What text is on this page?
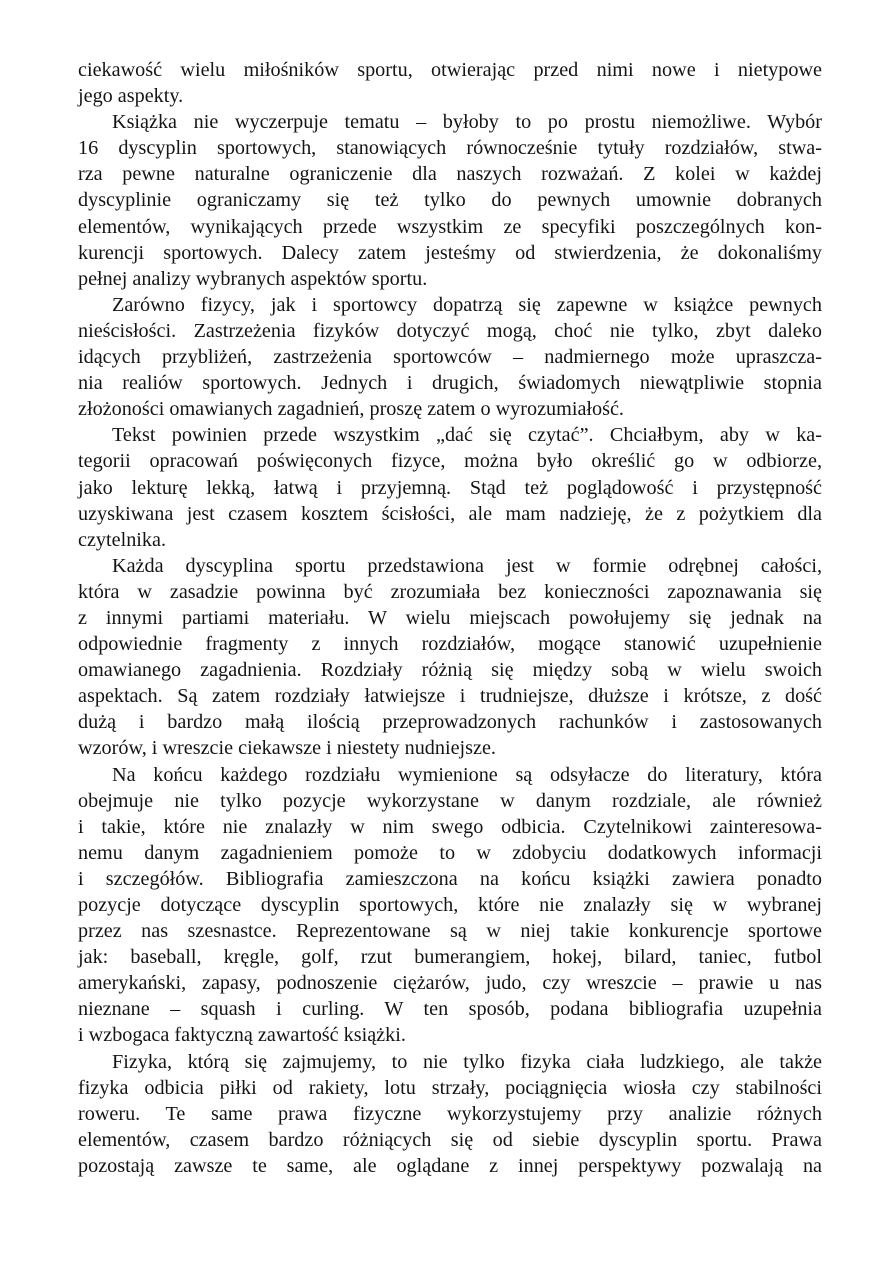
ciekawość wielu miłośników sportu, otwierając przed nimi nowe i nietypowe
jego aspekty.
Książka nie wyczerpuje tematu – byłoby to po prostu niemożliwe. Wybór
16 dyscyplin sportowych, stanowiących równocześnie tytuły rozdziałów, stwa-
rza pewne naturalne ograniczenie dla naszych rozważań. Z kolei w każdej
dyscyplinie ograniczamy się też tylko do pewnych umownie dobranych
elementów, wynikających przede wszystkim ze specyfiki poszczególnych kon-
kurencji sportowych. Dalecy zatem jesteśmy od stwierdzenia, że dokonaliśmy
pełnej analizy wybranych aspektów sportu.
Zarówno fizycy, jak i sportowcy dopatrzą się zapewne w książce pewnych
nieścisłości. Zastrzeżenia fizyków dotyczyć mogą, choć nie tylko, zbyt daleko
idących przybliżeń, zastrzeżenia sportowców – nadmiernego może upraszcza-
nia realiów sportowych. Jednych i drugich, świadomych niewątpliwie stopnia
złożoności omawianych zagadnień, proszę zatem o wyrozumiałość.
Tekst powinien przede wszystkim „dać się czytać”. Chciałbym, aby w ka-
tegorii opracowań poświęconych fizyce, można było określić go w odbiorze,
jako lekturę lekką, łatwą i przyjemną. Stąd też poglądowość i przystępność
uzyskiwana jest czasem kosztem ścisłości, ale mam nadzieję, że z pożytkiem dla
czytelnika.
Każda dyscyplina sportu przedstawiona jest w formie odrębnej całości,
która w zasadzie powinna być zrozumiała bez konieczności zapoznawania się
z innymi partiami materiału. W wielu miejscach powołujemy się jednak na
odpowiednie fragmenty z innych rozdziałów, mogące stanowić uzupełnienie
omawianego zagadnienia. Rozdziały różnią się między sobą w wielu swoich
aspektach. Są zatem rozdziały łatwiejsze i trudniejsze, dłuższe i krótsze, z dość
dużą i bardzo małą ilością przeprowadzonych rachunków i zastosowanych
wzorów, i wreszcie ciekawsze i niestety nudniejsze.
Na końcu każdego rozdziału wymienione są odsyłacze do literatury, która
obejmuje nie tylko pozycje wykorzystane w danym rozdziale, ale również
i takie, które nie znalazły w nim swego odbicia. Czytelnikowi zainteresowa-
nemu danym zagadnieniem pomoże to w zdobyciu dodatkowych informacji
i szczegółów. Bibliografia zamieszczona na końcu książki zawiera ponadto
pozycje dotyczące dyscyplin sportowych, które nie znalazły się w wybranej
przez nas szesnastce. Reprezentowane są w niej takie konkurencje sportowe
jak: baseball, kręgle, golf, rzut bumerangiem, hokej, bilard, taniec, futbol
amerykański, zapasy, podnoszenie ciężarów, judo, czy wreszcie – prawie u nas
nieznane – squash i curling. W ten sposób, podana bibliografia uzupełnia
i wzbogaca faktyczną zawartość książki.
Fizyka, którą się zajmujemy, to nie tylko fizyka ciała ludzkiego, ale także
fizyka odbicia piłki od rakiety, lotu strzały, pociągnięcia wiosła czy stabilności
roweru. Te same prawa fizyczne wykorzystujemy przy analizie różnych
elementów, czasem bardzo różniących się od siebie dyscyplin sportu. Prawa
pozostają zawsze te same, ale oglądane z innej perspektywy pozwalają na
